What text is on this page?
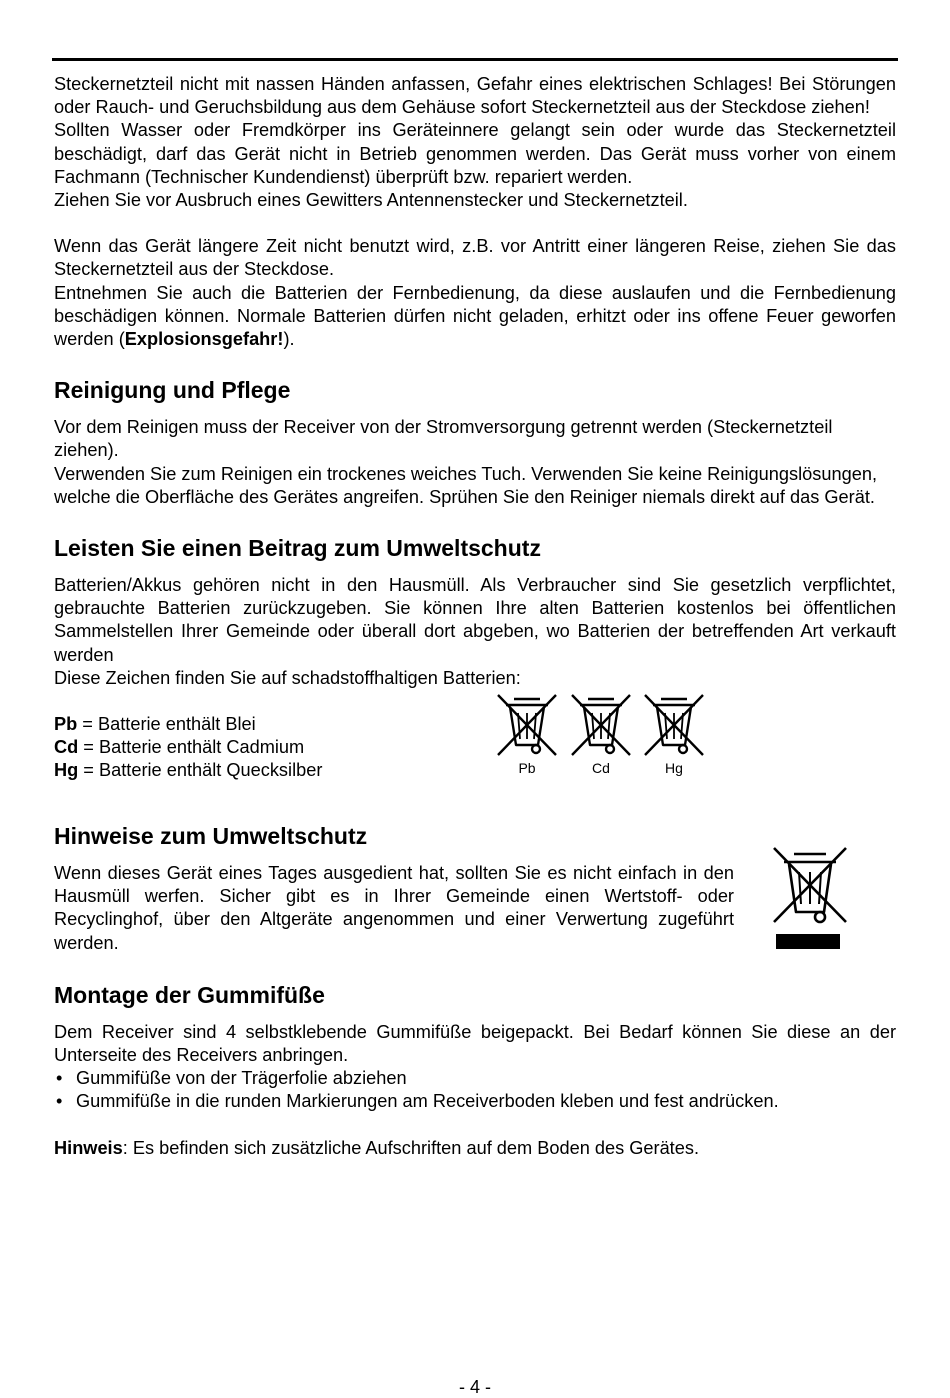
Steckernetzteil nicht mit nassen Händen anfassen, Gefahr eines elektrischen Schlages! Bei Störungen oder Rauch- und Geruchsbildung aus dem Gehäuse sofort Steckernetzteil aus der Steckdose ziehen!

Sollten Wasser oder Fremdkörper ins Geräteinnere gelangt sein oder wurde das Steckernetzteil beschädigt, darf das Gerät nicht in Betrieb genommen werden. Das Gerät muss vorher von einem Fachmann (Technischer Kundendienst) überprüft bzw. repariert werden.

Ziehen Sie vor Ausbruch eines Gewitters Antennenstecker und Steckernetzteil.

Wenn das Gerät längere Zeit nicht benutzt wird, z.B. vor Antritt einer längeren Reise, ziehen Sie das Steckernetzteil aus der Steckdose.

Entnehmen Sie auch die Batterien der Fernbedienung, da diese auslaufen und die Fernbedienung beschädigen können. Normale Batterien dürfen nicht geladen, erhitzt oder ins offene Feuer geworfen werden (Explosionsgefahr!).

Reinigung und Pflege

Vor dem Reinigen muss der Receiver von der Stromversorgung getrennt werden (Steckernetzteil ziehen).

Verwenden Sie zum Reinigen ein trockenes weiches Tuch. Verwenden Sie keine Reinigungslösungen, welche die Oberfläche des Gerätes angreifen. Sprühen Sie den Reiniger niemals direkt auf das Gerät.

Leisten Sie einen Beitrag zum Umweltschutz

Batterien/Akkus gehören nicht in den Hausmüll. Als Verbraucher sind Sie gesetzlich verpflichtet, gebrauchte Batterien zurückzugeben. Sie können Ihre alten Batterien kostenlos bei öffentlichen Sammelstellen Ihrer Gemeinde oder überall dort abgeben, wo Batterien der betreffenden Art verkauft werden

Diese Zeichen finden Sie auf schadstoffhaltigen Batterien:

Pb = Batterie enthält Blei

Cd = Batterie enthält Cadmium

Hg = Batterie enthält Quecksilber	Pb	Cd	Hg
Hinweise zum Umweltschutz

Wenn dieses Gerät eines Tages ausgedient hat, sollten Sie es nicht einfach in den Hausmüll werfen. Sicher gibt es in Ihrer Gemeinde einen Wertstoff- oder Recyclinghof, über den Altgeräte angenommen und einer Verwertung zugeführt werden.

Montage der Gummifüße

Dem Receiver sind 4 selbstklebende Gummifüße beigepackt. Bei Bedarf können Sie diese an der Unterseite des Receivers anbringen.

• Gummifüße von der Trägerfolie abziehen
• Gummifüße in die runden Markierungen am Receiverboden kleben und fest andrücken.

Hinweis: Es befinden sich zusätzliche Aufschriften auf dem Boden des Gerätes.

- 4 -
